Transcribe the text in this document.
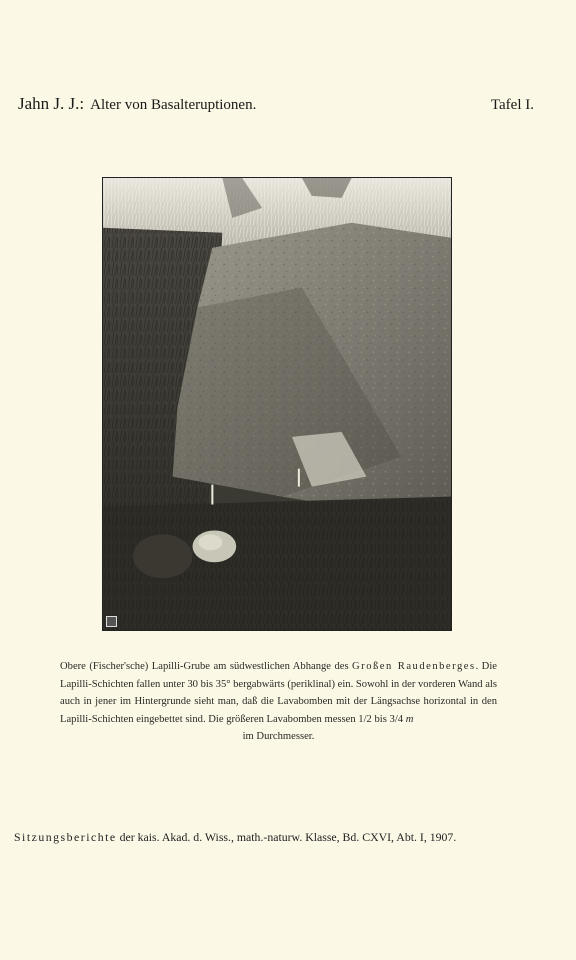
Jahn J. J.: Alter von Basalteruptionen.	Tafel I.

Obere (Fischer'sche) Lapilli-Grube am südwestlichen Abhange des Großen Raudenberges. Die Lapilli-Schichten fallen unter 30 bis 35° bergabwärts (periklinal) ein. Sowohl in der vorderen Wand als auch in jener im Hintergrunde sieht man, daß die Lavabomben mit der Längsachse horizontal in den Lapilli-Schichten eingebettet sind. Die größeren Lavabomben messen 1/2 bis 3/4 m

im Durchmesser.

Sitzungsberichte der kais. Akad. d. Wiss., math.-naturw. Klasse, Bd. CXVI, Abt. I, 1907.
